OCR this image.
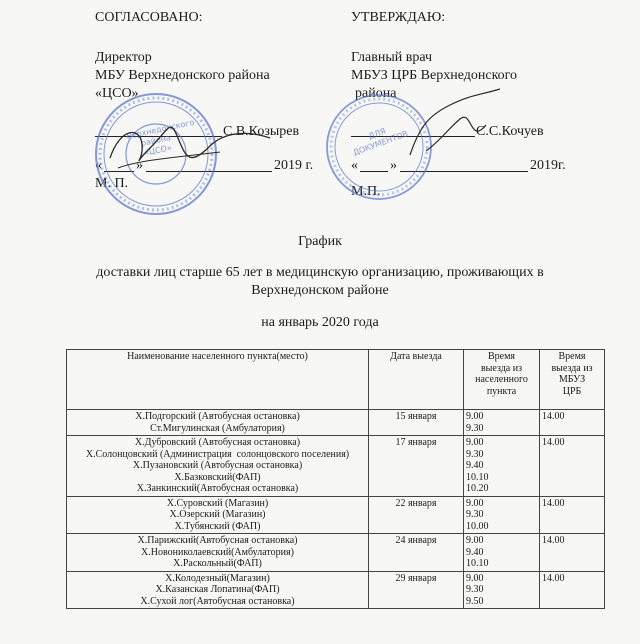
СОГЛАСОВАНО:
Директор
МБУ Верхнедонского района
«ЦСО»
С.В.Козырев
« »	2019 г.
М. П.
УТВЕРЖДАЮ:
Главный врач
МБУЗ ЦРБ Верхнедонского
района
С.С.Кочуев
« »	2019г.
М.П.
Верхнедонского района «ЦСО»
ДЛЯ ДОКУМЕНТОВ
График
доставки лиц старше 65 лет в медицинскую организацию, проживающих в
Верхнедонском районе
на январь 2020 года
Наименование населенного пункта(место)	Дата выезда	Время
выезда из
населенного
пункта	Время
выезда из
МБУЗ
ЦРБ

Х.Подгорский (Автобусная остановка)
Ст.Мигулинская (Амбулатория)	15 января	9.00
9.30	14.00

Х.Дубровский (Автобусная остановка)
Х.Солонцовский (Администрация  солонцовского поселения)
Х.Пузановский (Автобусная остановка)
Х.Базковский(ФАП)
Х.Занкинский(Автобусная остановка)	17 января	9.00
9.30
9.40
10.10
10.20	14.00

Х.Суровский (Магазин)
Х.Озерский (Магазин)
Х.Тубянский (ФАП)	22 января	9.00
9.30
10.00	14.00

Х.Парижский(Автобусная остановка)
Х.Новониколаевский(Амбулатория)
Х.Раскольный(ФАП)	24 января	9.00
9.40
10.10	14.00

Х.Колодезный(Магазин)
Х.Казанская Лопатина(ФАП)
Х.Сухой лог(Автобусная остановка)	29 января	9.00
9.30
9.50	14.00
